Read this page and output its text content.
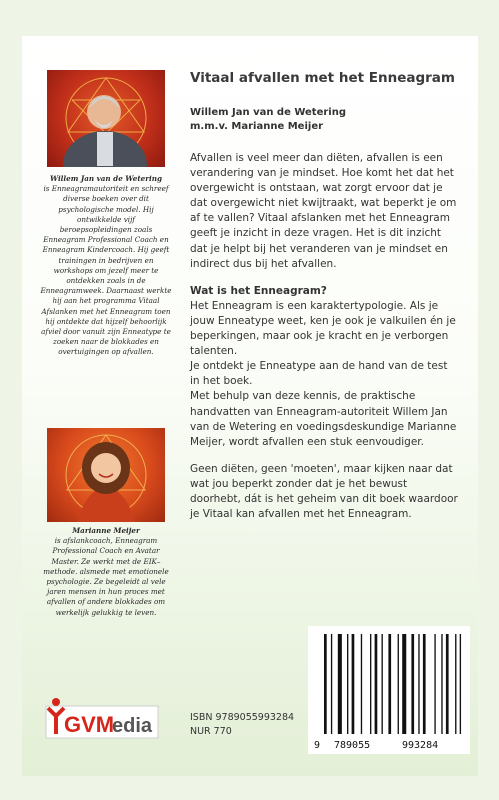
Willem Jan van de Wetering
is Enneagramautoriteit en schreef diverse boeken over dit psychologische model. Hij ontwikkelde vijf beroepsopleidingen zoals Enneagram Professional Coach en Enneagram Kindercoach. Hij geeft trainingen in bedrijven en workshops om jezelf meer te ontdekken zoals in de Enneagramweek. Daarnaast werkte hij aan het programma Vitaal Afslanken met het Enneagram toen hij ontdekte dat hijzelf behoorlijk afviel door vanuit zijn Enneatype te zoeken naar de blokkades en overtuigingen op afvallen.
Marianne Meijer
is afslankcoach, Enneagram Professional Coach en Avatar Master. Ze werkt met de EIK–methode. alsmede met emotionele psychologie. Ze begeleidt al vele jaren mensen in hun proces met afvallen of andere blokkades om werkelijk gelukkig te leven.
GVM
edia
Vitaal afvallen met het Enneagram
Willem Jan van de Wetering
m.m.v. Marianne Meijer

Afvallen is veel meer dan diëten, afvallen is een verandering van je mindset. Hoe komt het dat het overgewicht is ontstaan, wat zorgt ervoor dat je dat overgewicht niet kwijtraakt, wat beperkt je om af te vallen? Vitaal afslanken met het Enneagram geeft je inzicht in deze vragen. Het is dit inzicht dat je helpt bij het veranderen van je mindset en indirect dus bij het afvallen.

Wat is het Enneagram?
Het Enneagram is een karaktertypologie. Als je jouw Enneatype weet, ken je ook je valkuilen én je beperkingen, maar ook je kracht en je verborgen talenten.
Je ontdekt je Enneatype aan de hand van de test in het boek.

Met behulp van deze kennis, de praktische handvatten van Enneagram-autoriteit Willem Jan van de Wetering en voedingsdeskundige Marianne Meijer, wordt afvallen een stuk eenvoudiger.

Geen diëten, geen 'moeten', maar kijken naar dat wat jou beperkt zonder dat je het bewust doorhebt, dát is het geheim van dit boek waardoor je Vitaal kan afvallen met het Enneagram.

ISBN 9789055993284
NUR 770
9 789055	993284
